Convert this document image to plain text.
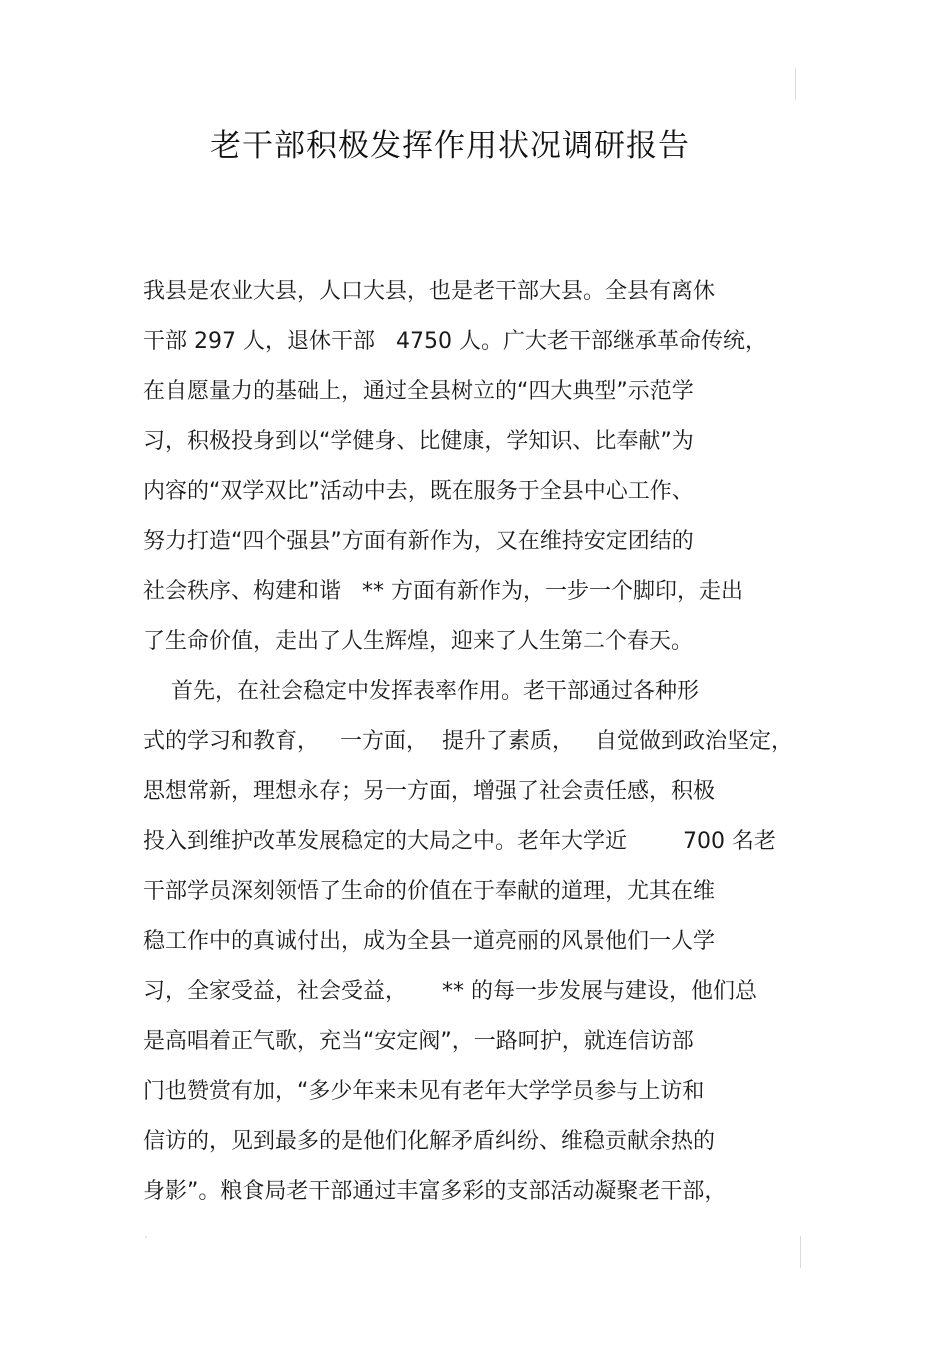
老干部积极发挥作用状况调研报告
我县是农业大县，人口大县，也是老干部大县。全县有离休
干部 297 人，退休干部   4750 人。广大老干部继承革命传统，
在自愿量力的基础上，通过全县树立的“四大典型”示范学
习，积极投身到以“学健身、比健康，学知识、比奉献”为
内容的“双学双比”活动中去，既在服务于全县中心工作、
努力打造“四个强县”方面有新作为，又在维持安定团结的
社会秩序、构建和谐   ** 方面有新作为，一步一个脚印，走出
了生命价值，走出了人生辉煌，迎来了人生第二个春天。
首先，在社会稳定中发挥表率作用。老干部通过各种形
式的学习和教育，   一方面，  提升了素质，   自觉做到政治坚定，
思想常新，理想永存；另一方面，增强了社会责任感，积极
投入到维护改革发展稳定的大局之中。老年大学近        700 名老
干部学员深刻领悟了生命的价值在于奉献的道理，尤其在维
稳工作中的真诚付出，成为全县一道亮丽的风景他们一人学
习，全家受益，社会受益，     ** 的每一步发展与建设，他们总
是高唱着正气歌，充当“安定阀”，一路呵护，就连信访部
门也赞赏有加，“多少年来未见有老年大学学员参与上访和
信访的，见到最多的是他们化解矛盾纠纷、维稳贡献余热的
身影”。粮食局老干部通过丰富多彩的支部活动凝聚老干部，
